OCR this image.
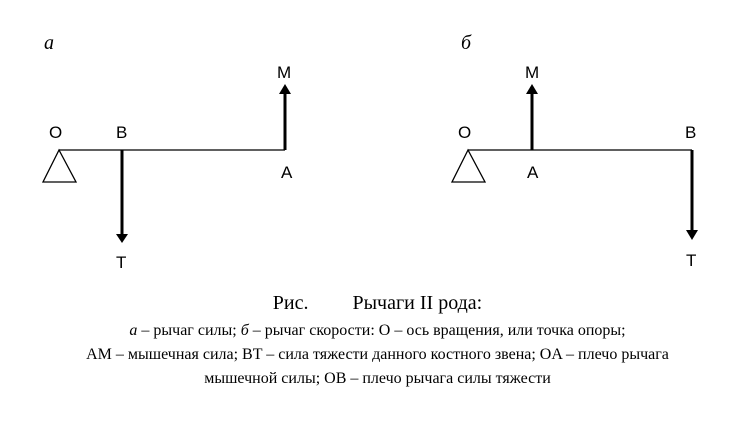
а
O	B
A
M
T
б
O
A
B
M
T
Рис. Рычаги II рода:
а – рычаг силы; б – рычаг скорости: O – ось вращения, или точка опоры;
AM – мышечная сила; BT – сила тяжести данного костного звена; OA – плечо рычага
мышечной силы; OB – плечо рычага силы тяжести
